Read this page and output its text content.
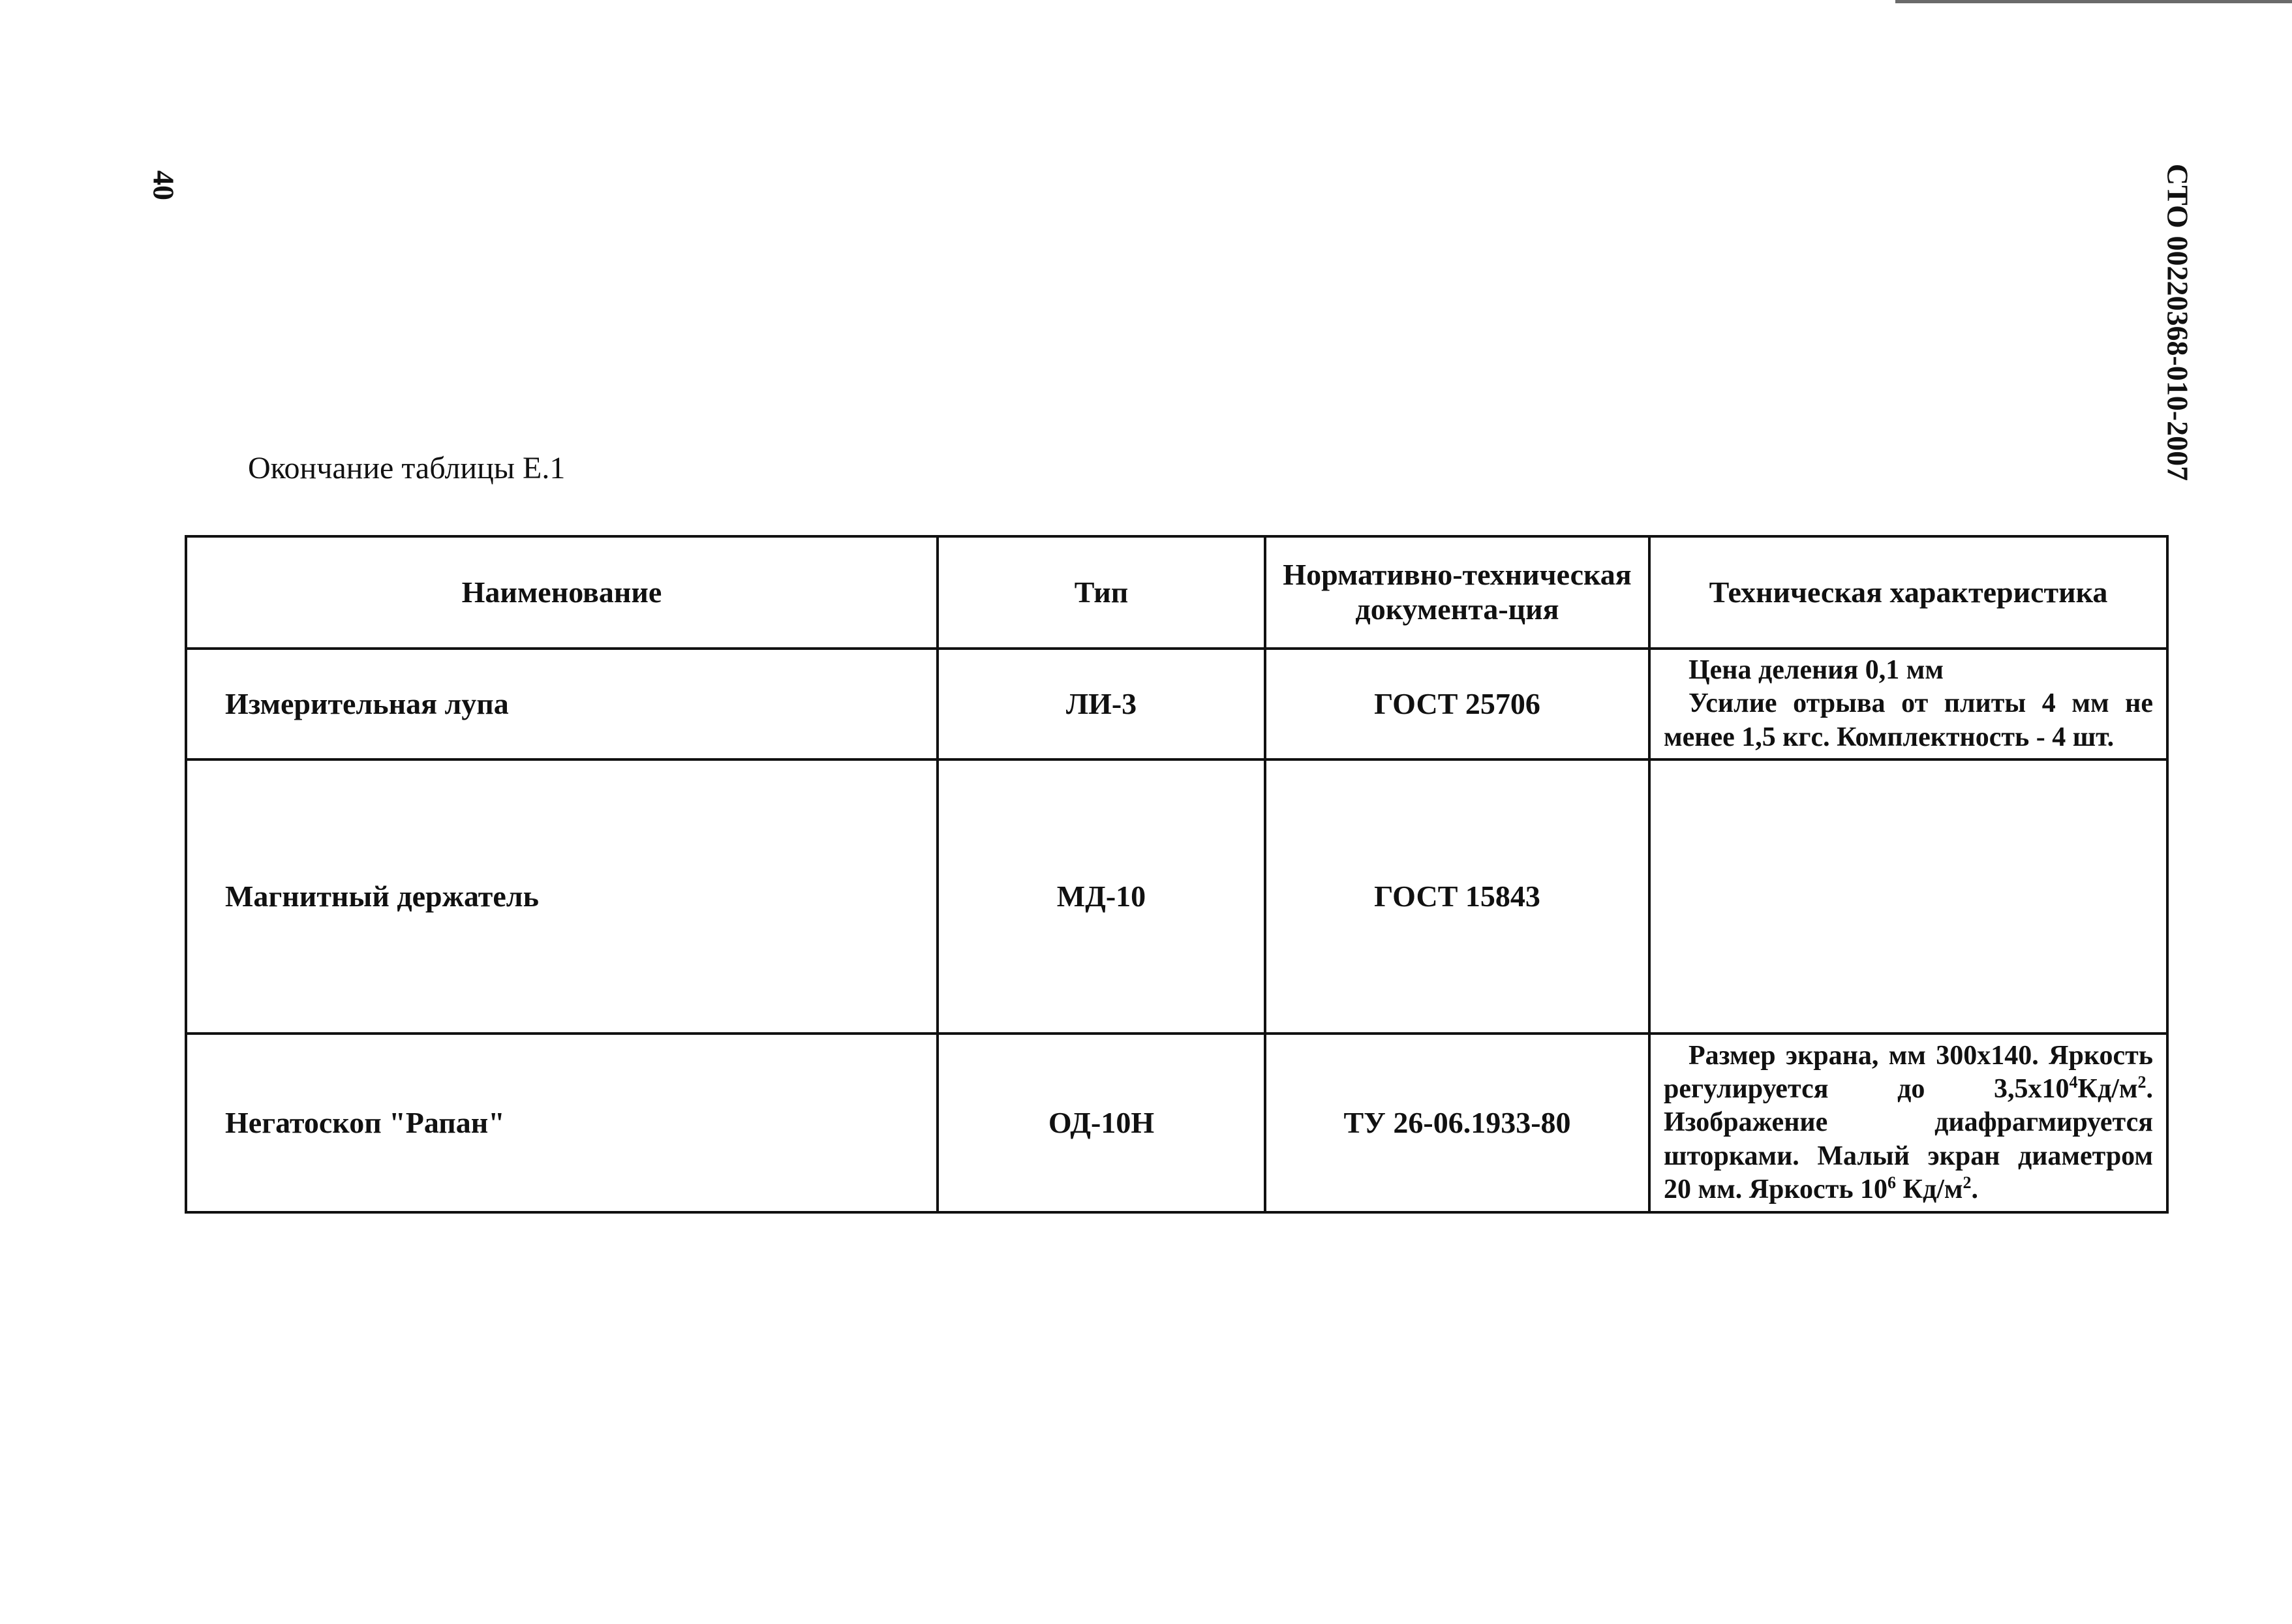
40	СТО 00220368-010-2007
Окончание таблицы Е.1
Наименование	Тип	Нормативно-техническая документа-ция	Техническая характеристика
Измерительная лупа	ЛИ-3	ГОСТ 25706	Цена деления 0,1 мм
Усилие отрыва от плиты 4 мм не менее 1,5 кгс. Комплектность - 4 шт.

Магнитный держатель	МД-10	ГОСТ 15843	
Негатоскоп "Рапан"	ОД-10Н	ТУ 26-06.1933-80	Размер экрана, мм 300x140. Яркость регулируется до $3,5x10^4Кд/м^2$. Изображение диафрагмируется шторками. Малый экран диаметром 20 мм. Яркость $10^6$ $Кд/м^2$.
